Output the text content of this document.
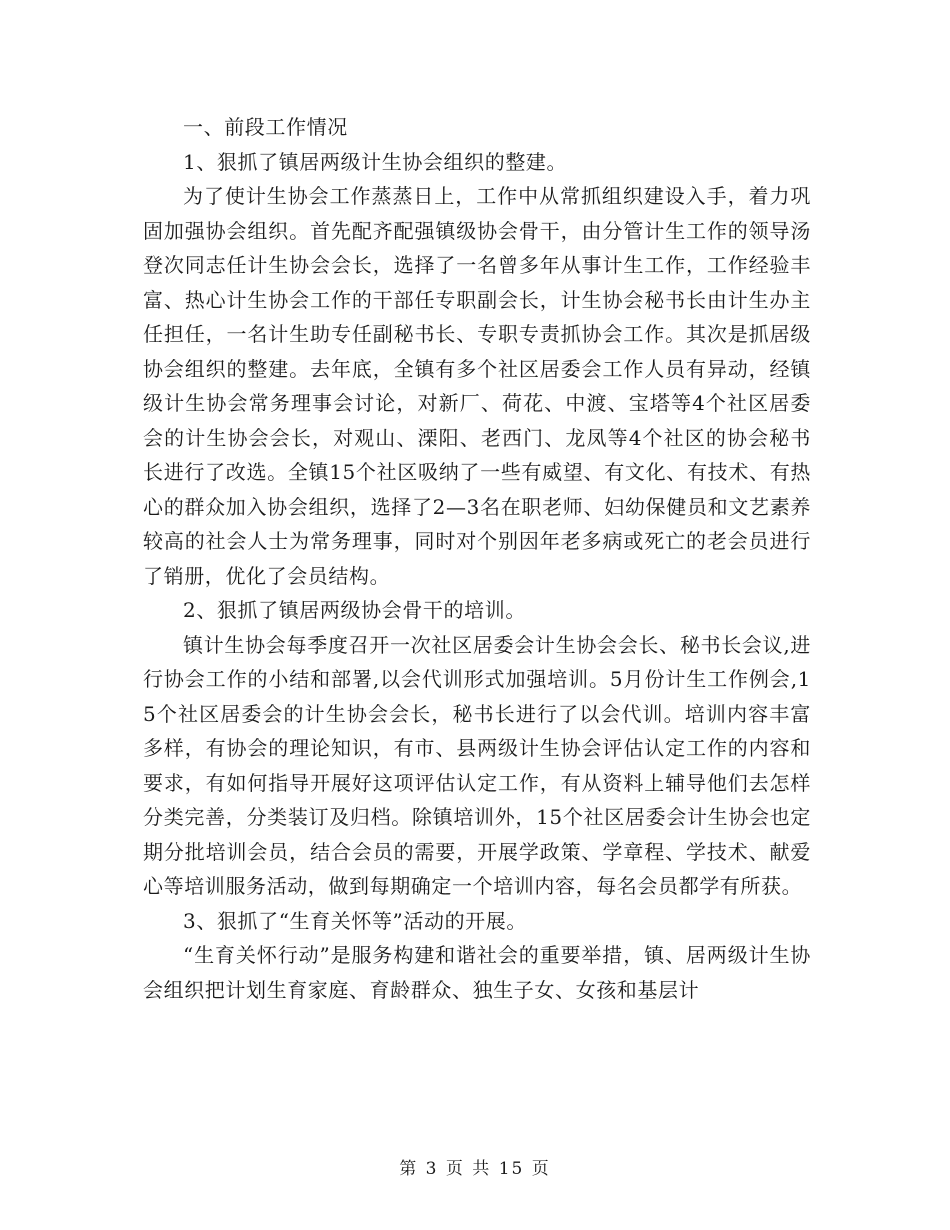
一、前段工作情况

1、狠抓了镇居两级计生协会组织的整建。

为了使计生协会工作蒸蒸日上，工作中从常抓组织建设入手，着力巩固加强协会组织。首先配齐配强镇级协会骨干，由分管计生工作的领导汤登次同志任计生协会会长，选择了一名曾多年从事计生工作，工作经验丰富、热心计生协会工作的干部任专职副会长，计生协会秘书长由计生办主任担任，一名计生助专任副秘书长、专职专责抓协会工作。其次是抓居级协会组织的整建。去年底，全镇有多个社区居委会工作人员有异动，经镇级计生协会常务理事会讨论，对新厂、荷花、中渡、宝塔等4个社区居委会的计生协会会长，对观山、溧阳、老西门、龙凤等4个社区的协会秘书长进行了改选。全镇15个社区吸纳了一些有威望、有文化、有技术、有热心的群众加入协会组织，选择了2—3名在职老师、妇幼保健员和文艺素养较高的社会人士为常务理事，同时对个别因年老多病或死亡的老会员进行了销册，优化了会员结构。

2、狠抓了镇居两级协会骨干的培训。

镇计生协会每季度召开一次社区居委会计生协会会长、秘书长会议,进行协会工作的小结和部署,以会代训形式加强培训。5月份计生工作例会,15个社区居委会的计生协会会长，秘书长进行了以会代训。培训内容丰富多样，有协会的理论知识，有市、县两级计生协会评估认定工作的内容和要求，有如何指导开展好这项评估认定工作，有从资料上辅导他们去怎样分类完善，分类装订及归档。除镇培训外，15个社区居委会计生协会也定期分批培训会员，结合会员的需要，开展学政策、学章程、学技术、献爱心等培训服务活动，做到每期确定一个培训内容，每名会员都学有所获。

3、狠抓了“生育关怀等”活动的开展。

“生育关怀行动”是服务构建和谐社会的重要举措，镇、居两级计生协会组织把计划生育家庭、育龄群众、独生子女、女孩和基层计

第 3 页 共 15 页
